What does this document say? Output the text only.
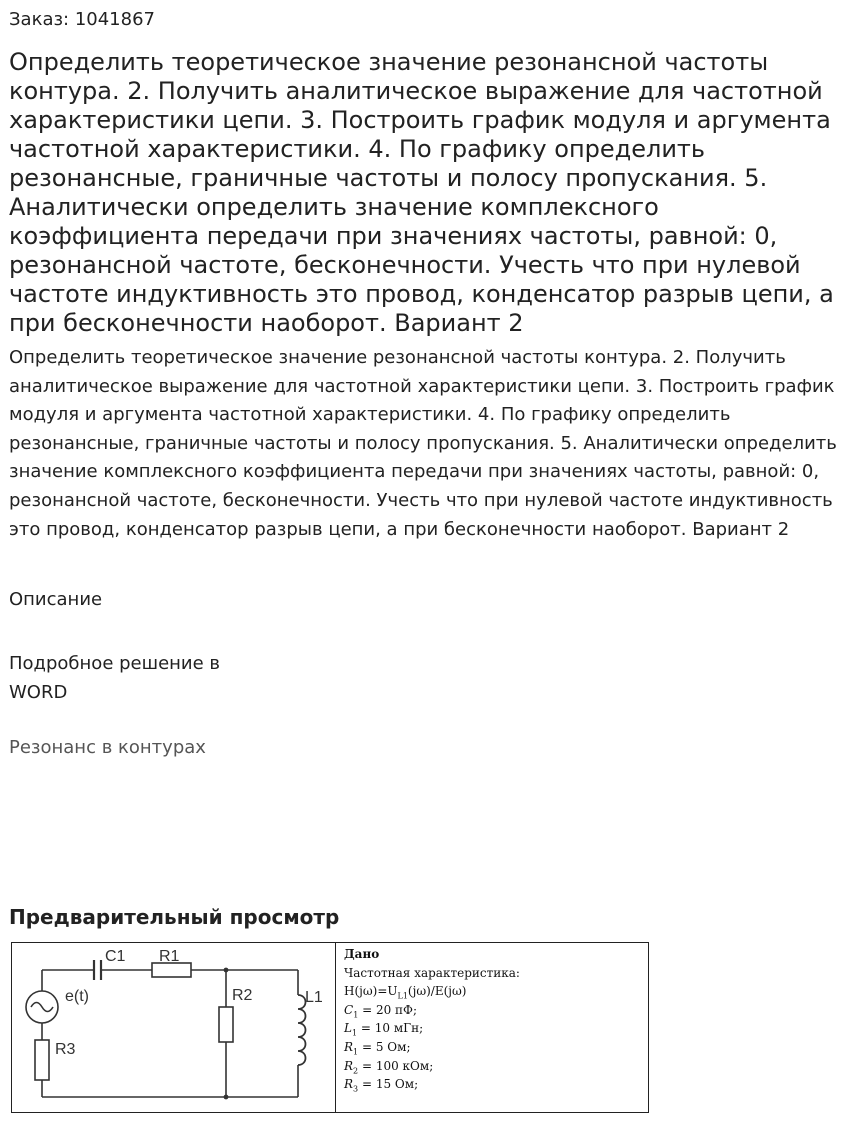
Заказ: 1041867
Определить теоретическое значение резонансной частоты контура. 2. Получить аналитическое выражение для частотной характеристики цепи. 3. Построить график модуля и аргумента частотной характеристики. 4. По графику определить резонансные, граничные частоты и полосу пропускания. 5. Аналитически определить значение комплексного коэффициента передачи при значениях частоты, равной: 0, резонансной частоте, бесконечности. Учесть что при нулевой частоте индуктивность это провод, конденсатор разрыв цепи, а при бесконечности наоборот. Вариант 2

Определить теоретическое значение резонансной частоты контура. 2. Получить аналитическое выражение для частотной характеристики цепи. 3. Построить график модуля и аргумента частотной характеристики. 4. По графику определить резонансные, граничные частоты и полосу пропускания. 5. Аналитически определить значение комплексного коэффициента передачи при значениях частоты, равной: 0, резонансной частоте, бесконечности. Учесть что при нулевой частоте индуктивность это провод, конденсатор разрыв цепи, а при бесконечности наоборот. Вариант 2

Описание
Подробное решение в WORD
Резонанс в контурах
Предварительный просмотр
C1 R1
R2	L1
e(t)
R3
Дано
Частотная характеристика:
$H(j\omega)=U_{L1}(j\omega)/E(j\omega)$
$C_1 = 20$ пФ;
$L_1 = 10$ мГн;
$R_1 = 5$ Ом;
$R_2 = 100$ кОм;
$R_3 = 15$ Ом;
